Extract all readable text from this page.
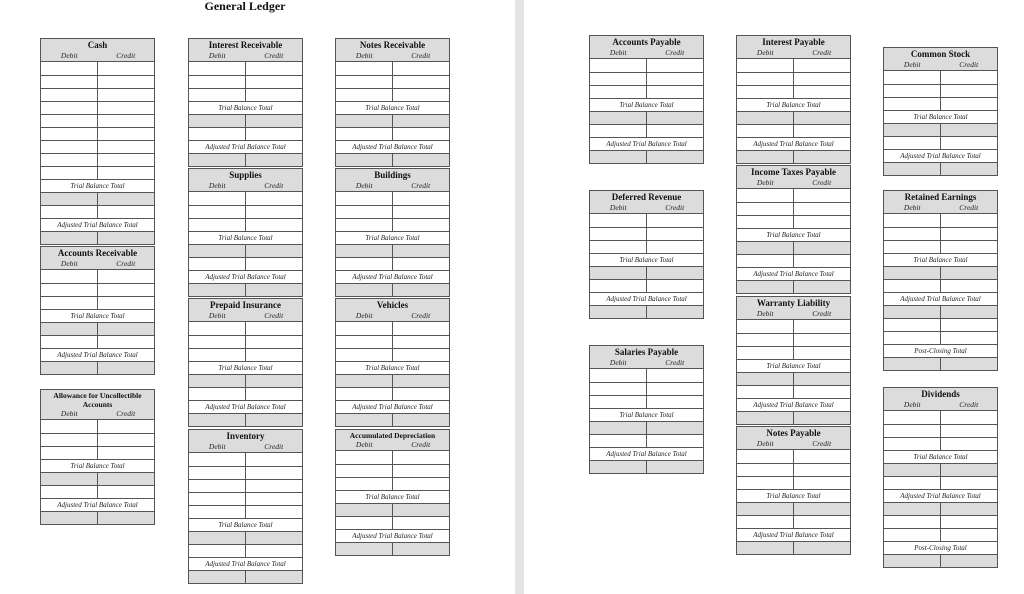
General Ledger
Cash
Debit	Credit
Trial Balance Total
Adjusted Trial Balance Total
Interest Receivable
Debit	Credit
Trial Balance Total
Adjusted Trial Balance Total
Notes Receivable
Debit	Credit
Trial Balance Total
Adjusted Trial Balance Total
Supplies
Debit	Credit
Trial Balance Total
Adjusted Trial Balance Total
Buildings
Debit	Credit
Trial Balance Total
Adjusted Trial Balance Total
Accounts Receivable
Debit	Credit
Trial Balance Total
Adjusted Trial Balance Total
Prepaid Insurance
Debit	Credit
Trial Balance Total
Adjusted Trial Balance Total
Vehicles
Debit	Credit
Trial Balance Total
Adjusted Trial Balance Total
Allowance for Uncollectible Accounts
Debit	Credit
Trial Balance Total
Adjusted Trial Balance Total
Inventory
Debit	Credit
Trial Balance Total
Adjusted Trial Balance Total
Accumulated Depreciation
Debit	Credit
Trial Balance Total
Adjusted Trial Balance Total
Accounts Payable
Debit	Credit
Trial Balance Total
Adjusted Trial Balance Total
Interest Payable
Debit	Credit
Trial Balance Total
Adjusted Trial Balance Total
Common Stock
Debit	Credit
Trial Balance Total
Adjusted Trial Balance Total
Income Taxes Payable
Debit	Credit
Trial Balance Total
Adjusted Trial Balance Total
Deferred Revenue
Debit	Credit
Trial Balance Total
Adjusted Trial Balance Total
Retained Earnings
Debit	Credit
Trial Balance Total
Adjusted Trial Balance Total
Post-Closing Total
Warranty Liability
Debit	Credit
Trial Balance Total
Adjusted Trial Balance Total
Salaries Payable
Debit	Credit
Trial Balance Total
Adjusted Trial Balance Total
Dividends
Debit	Credit
Trial Balance Total
Adjusted Trial Balance Total
Post-Closing Total
Notes Payable
Debit	Credit
Trial Balance Total
Adjusted Trial Balance Total
